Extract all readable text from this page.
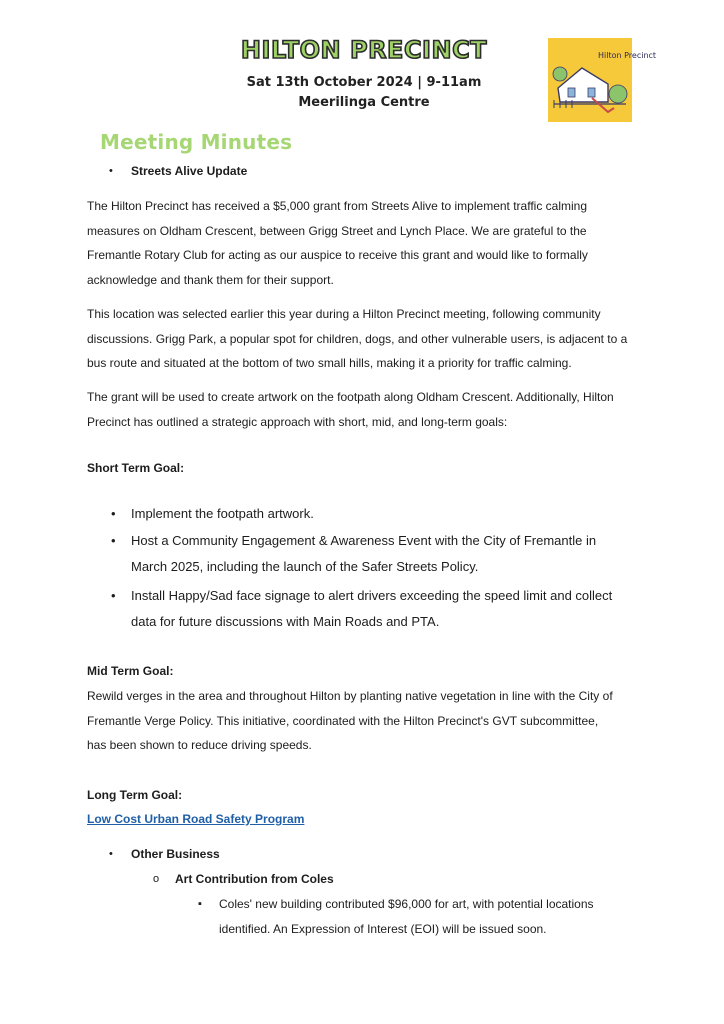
HILTON PRECINCT
Sat 13th October 2024 | 9-11am
Meerilinga Centre
Hilton Precinct
Meeting Minutes
• Streets Alive Update
The Hilton Precinct has received a $5,000 grant from Streets Alive to implement traffic calming
measures on Oldham Crescent, between Grigg Street and Lynch Place. We are grateful to the
Fremantle Rotary Club for acting as our auspice to receive this grant and would like to formally
acknowledge and thank them for their support.
This location was selected earlier this year during a Hilton Precinct meeting, following community
discussions. Grigg Park, a popular spot for children, dogs, and other vulnerable users, is adjacent to a
bus route and situated at the bottom of two small hills, making it a priority for traffic calming.
The grant will be used to create artwork on the footpath along Oldham Crescent. Additionally, Hilton
Precinct has outlined a strategic approach with short, mid, and long-term goals:
Short Term Goal:
• Implement the footpath artwork.
• Host a Community Engagement & Awareness Event with the City of Fremantle in
March 2025, including the launch of the Safer Streets Policy.
• Install Happy/Sad face signage to alert drivers exceeding the speed limit and collect
data for future discussions with Main Roads and PTA.
Mid Term Goal:
Rewild verges in the area and throughout Hilton by planting native vegetation in line with the City of
Fremantle Verge Policy. This initiative, coordinated with the Hilton Precinct's GVT subcommittee,
has been shown to reduce driving speeds.
Long Term Goal:
Low Cost Urban Road Safety Program
• Other Business
o Art Contribution from Coles
▪ Coles' new building contributed $96,000 for art, with potential locations
identified. An Expression of Interest (EOI) will be issued soon.
